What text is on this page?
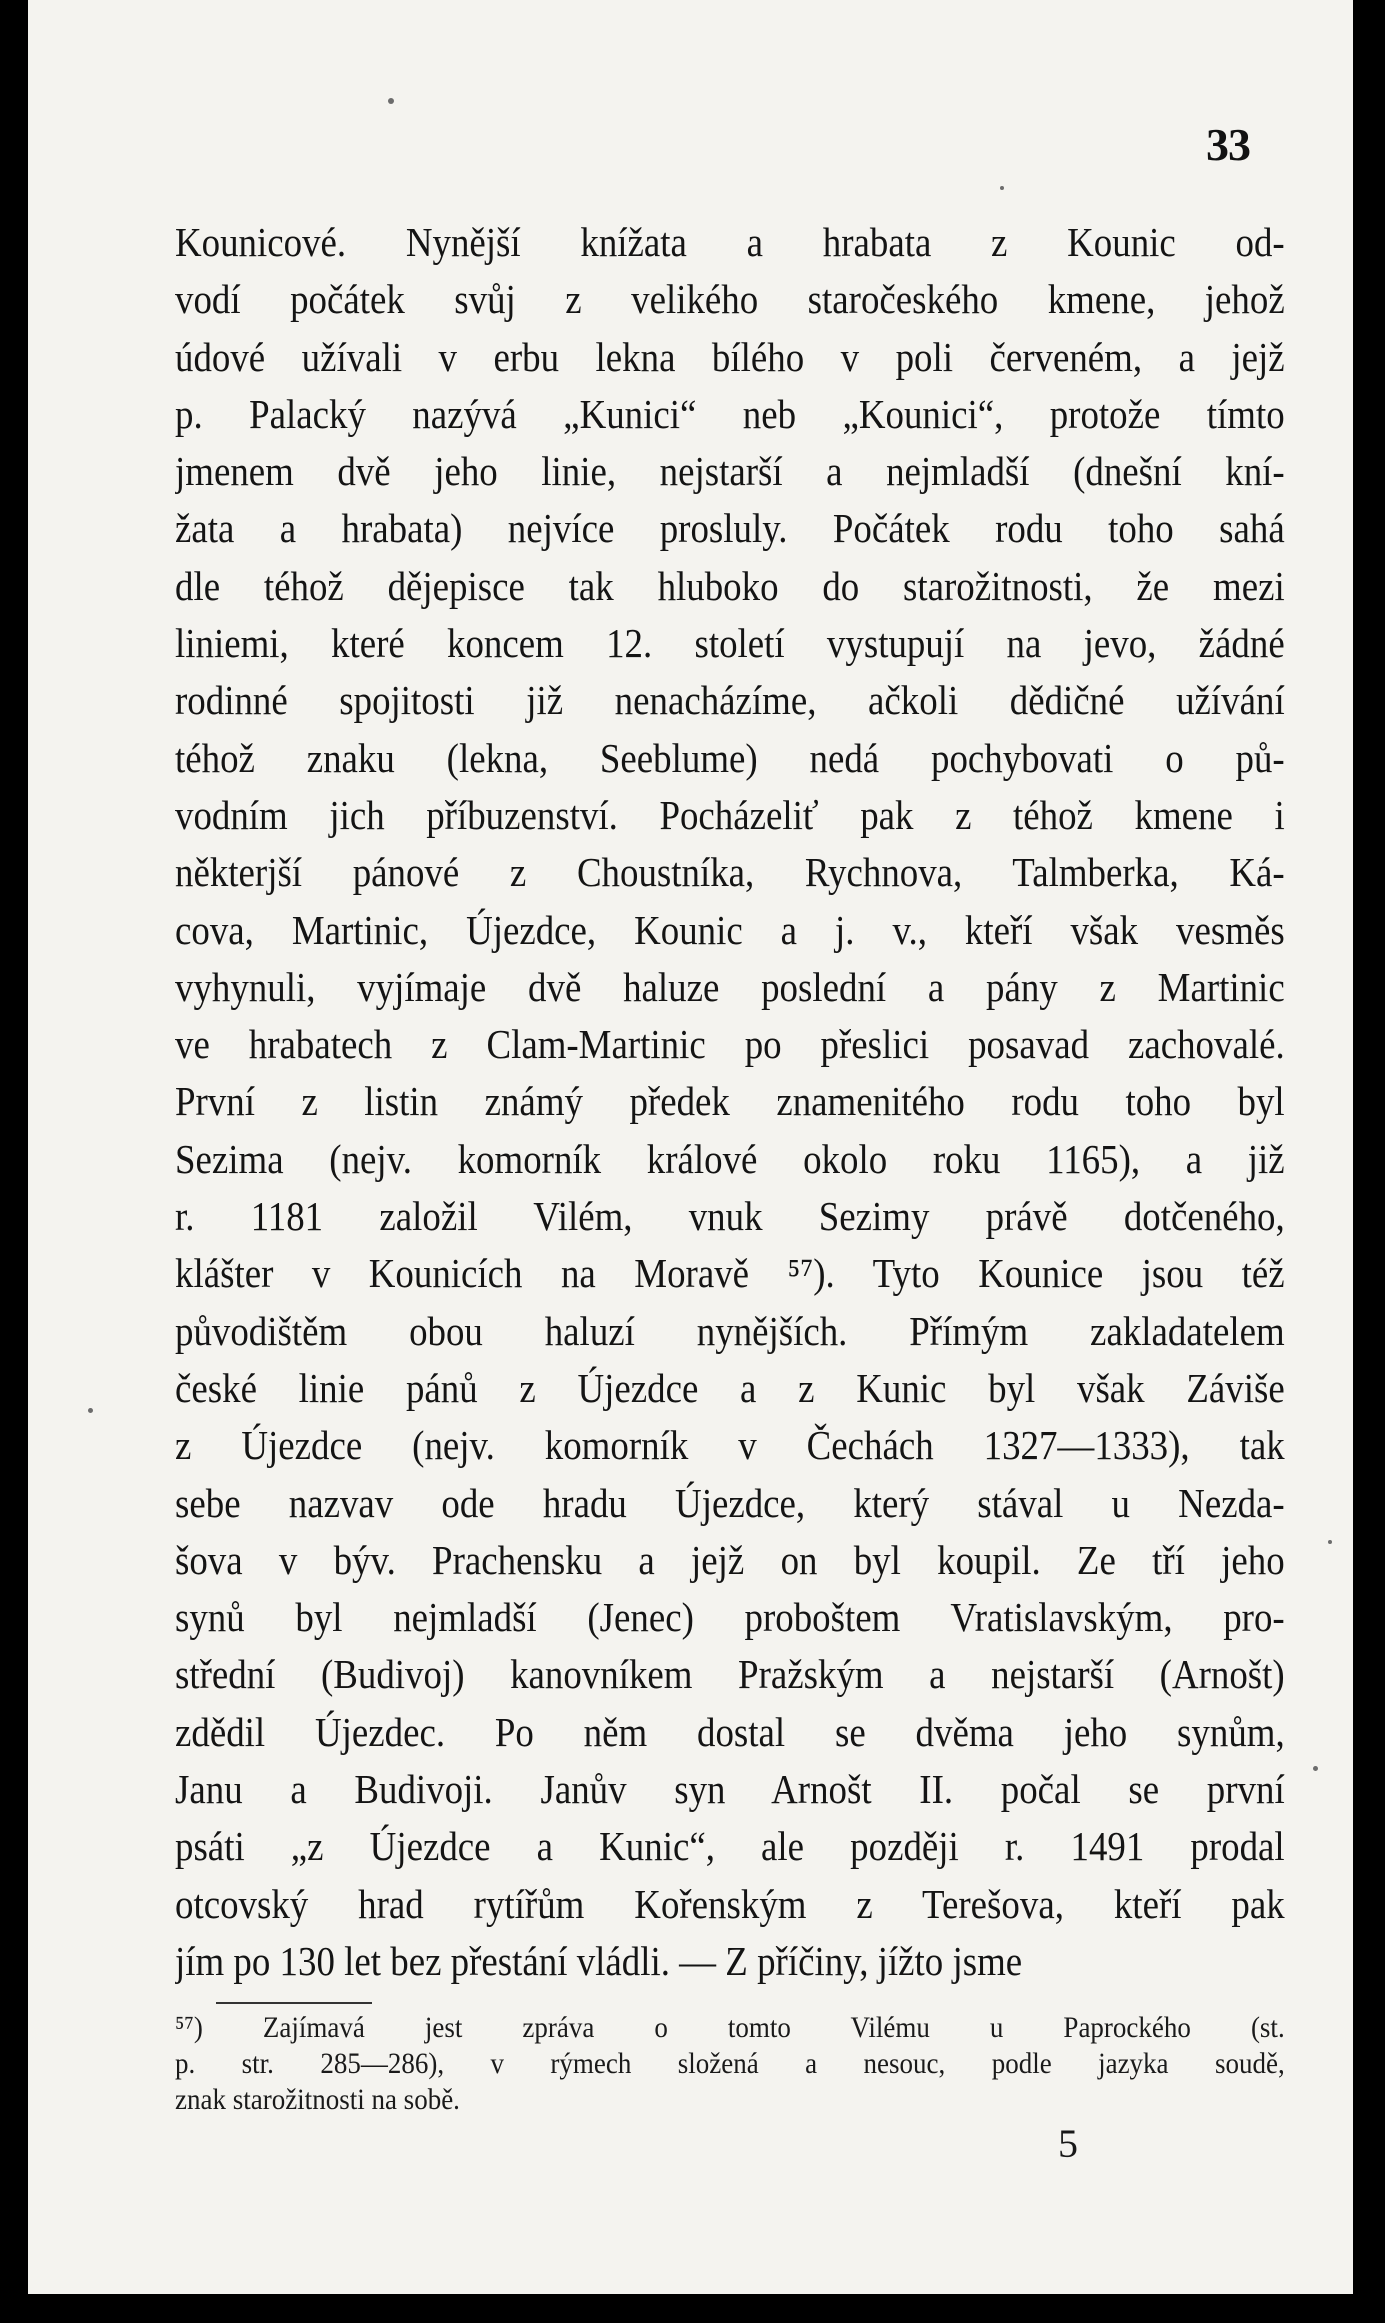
33
Kounicové. Nynější knížata a hrabata z Kounic od-
vodí počátek svůj z velikého staročeského kmene, jehož
údové užívali v erbu lekna bílého v poli červeném, a jejž
p. Palacký nazývá „Kunici“ neb „Kounici“, protože tímto
jmenem dvě jeho linie, nejstarší a nejmladší (dnešní kní-
žata a hrabata) nejvíce prosluly. Počátek rodu toho sahá
dle téhož dějepisce tak hluboko do starožitnosti, že mezi
liniemi, které koncem 12. století vystupují na jevo, žádné
rodinné spojitosti již nenacházíme, ačkoli dědičné užívání
téhož znaku (lekna, Seeblume) nedá pochybovati o pů-
vodním jich příbuzenství. Pocházeliť pak z téhož kmene i
některjší pánové z Choustníka, Rychnova, Talmberka, Ká-
cova, Martinic, Újezdce, Kounic a j. v., kteří však vesměs
vyhynuli, vyjímaje dvě haluze poslední a pány z Martinic
ve hrabatech z Clam-Martinic po přeslici posavad zachovalé.
První z listin známý předek znamenitého rodu toho byl
Sezima (nejv. komorník králové okolo roku 1165), a již
r. 1181 založil Vilém, vnuk Sezimy právě dotčeného,
klášter v Kounicích na Moravě ⁵⁷). Tyto Kounice jsou též
původištěm obou haluzí nynějších. Přímým zakladatelem
české linie pánů z Újezdce a z Kunic byl však Záviše
z Újezdce (nejv. komorník v Čechách 1327—1333), tak
sebe nazvav ode hradu Újezdce, který stával u Nezda-
šova v býv. Prachensku a jejž on byl koupil. Ze tří jeho
synů byl nejmladší (Jenec) proboštem Vratislavským, pro-
střední (Budivoj) kanovníkem Pražským a nejstarší (Arnošt)
zdědil Újezdec. Po něm dostal se dvěma jeho synům,
Janu a Budivoji. Janův syn Arnošt II. počal se první
psáti „z Újezdce a Kunic“, ale později r. 1491 prodal
otcovský hrad rytířům Kořenským z Terešova, kteří pak
jím po 130 let bez přestání vládli. — Z příčiny, jížto jsme
⁵⁷) Zajímavá jest zpráva o tomto Vilému u Paprockého (st.
p. str. 285—286), v rýmech složená a nesouc, podle jazyka soudě,
znak starožitnosti na sobě.
5
